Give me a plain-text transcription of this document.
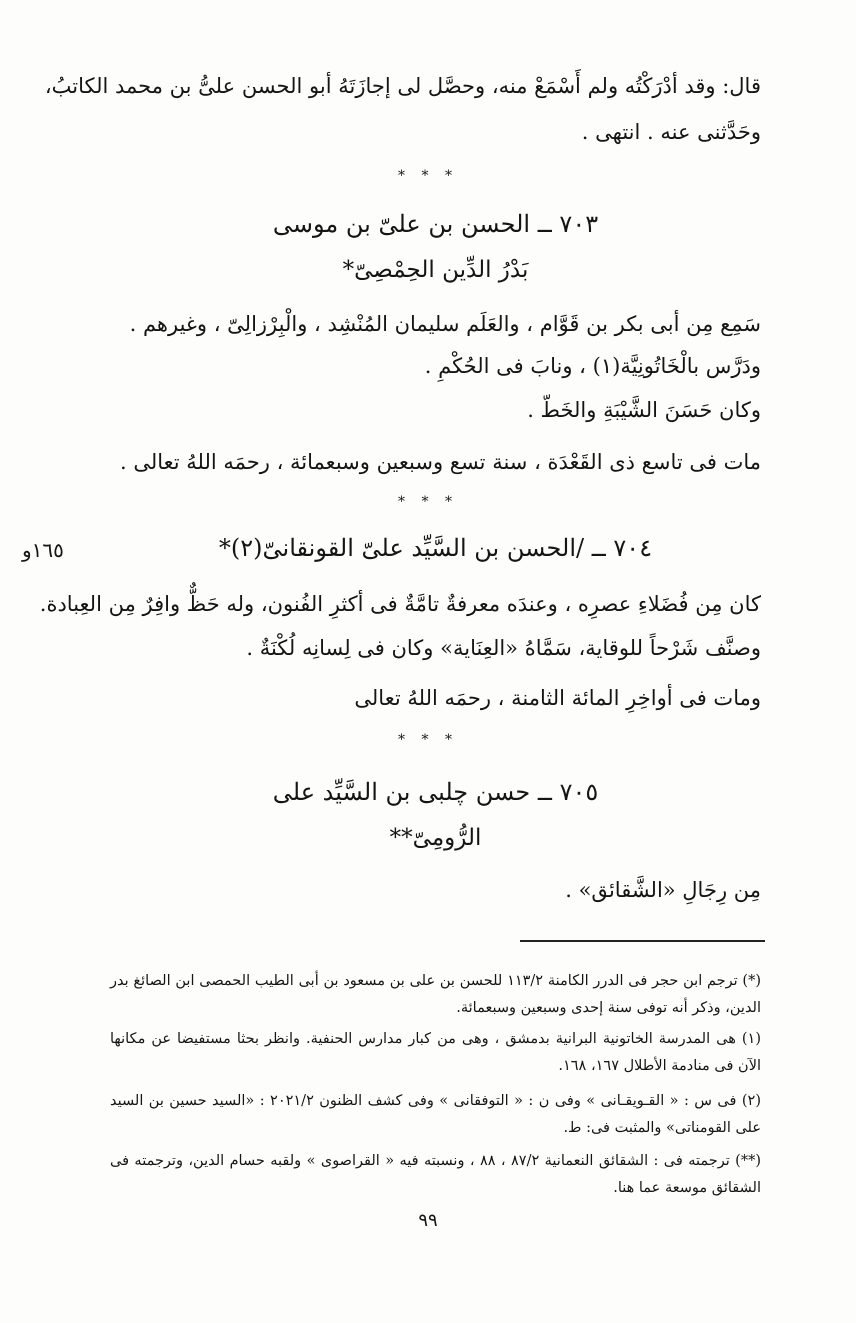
قال: وقد أدْرَكْتُه ولم أَسْمَعْ منه، وحصَّل لى إجازَتَهُ أبو الحسن علىُّ بن محمد الكاتبُ،
وحَدَّثنى عنه . انتهى .
* * *
٧٠٣ ــ الحسن بن علىّ بن موسى
بَدْرُ الدِّين الحِمْصِىّ*
سَمِع مِن أبى بكر بن قَوَّام ، والعَلَم سليمان المُنْشِد ، والْبِرْزالِىّ ، وغيرهم .
ودَرَّس بالْخَاتُونِيَّة(١) ، ونابَ فى الحُكْمِ .
وكان حَسَنَ الشَّيْبَةِ والخَطّ .
مات فى تاسع ذى القَعْدَة ، سنة تسع وسبعين وسبعمائة ، رحمَه اللهُ تعالى .
* * *
٧٠٤ ــ /الحسن بن السَّيِّد علىّ القونقانىّ(٢)*
١٦٥و
كان مِن فُضَلاءِ عصرِه ، وعندَه معرفةٌ تامَّةٌ فى أكثرِ الفُنون، وله حَظٌّ وافِرٌ مِن العِبادة.
وصنَّف شَرْحاً للوقاية، سَمَّاهُ «العِنَاية» وكان فى لِسانِه لُكْنَةٌ .
ومات فى أواخِرِ المائة الثامنة ، رحمَه اللهُ تعالى
* * *
٧٠٥ ــ حسن چلبى بن السَّيِّد على
الرُّومِىّ**
مِن رِجَالِ «الشَّقائق» .
(*) ترجم ابن حجر فى الدرر الكامنة ١١٣/٢ للحسن بن على بن مسعود بن أبى الطيب الحمصى ابن الصائغ بدر الدين، وذكر أنه توفى سنة إحدى وسبعين وسبعمائة.
(١) هى المدرسة الخاتونية البرانية بدمشق ، وهى من كبار مدارس الحنفية. وانظر بحثا مستفيضا عن مكانها الآن فى منادمة الأطلال ١٦٧، ١٦٨.
(٢) فى س : « القـويقـانى » وفى ن : « التوفقانى » وفى كشف الظنون ٢٠٢١/٢ : «السيد حسين بن السيد على القومناتى» والمثبت فى: ط.
(**) ترجمته فى : الشقائق النعمانية ٨٧/٢ ، ٨٨ ، ونسبته فيه « القراصوى » ولقبه حسام الدين، وترجمته فى الشقائق موسعة عما هنا.
٩٩
